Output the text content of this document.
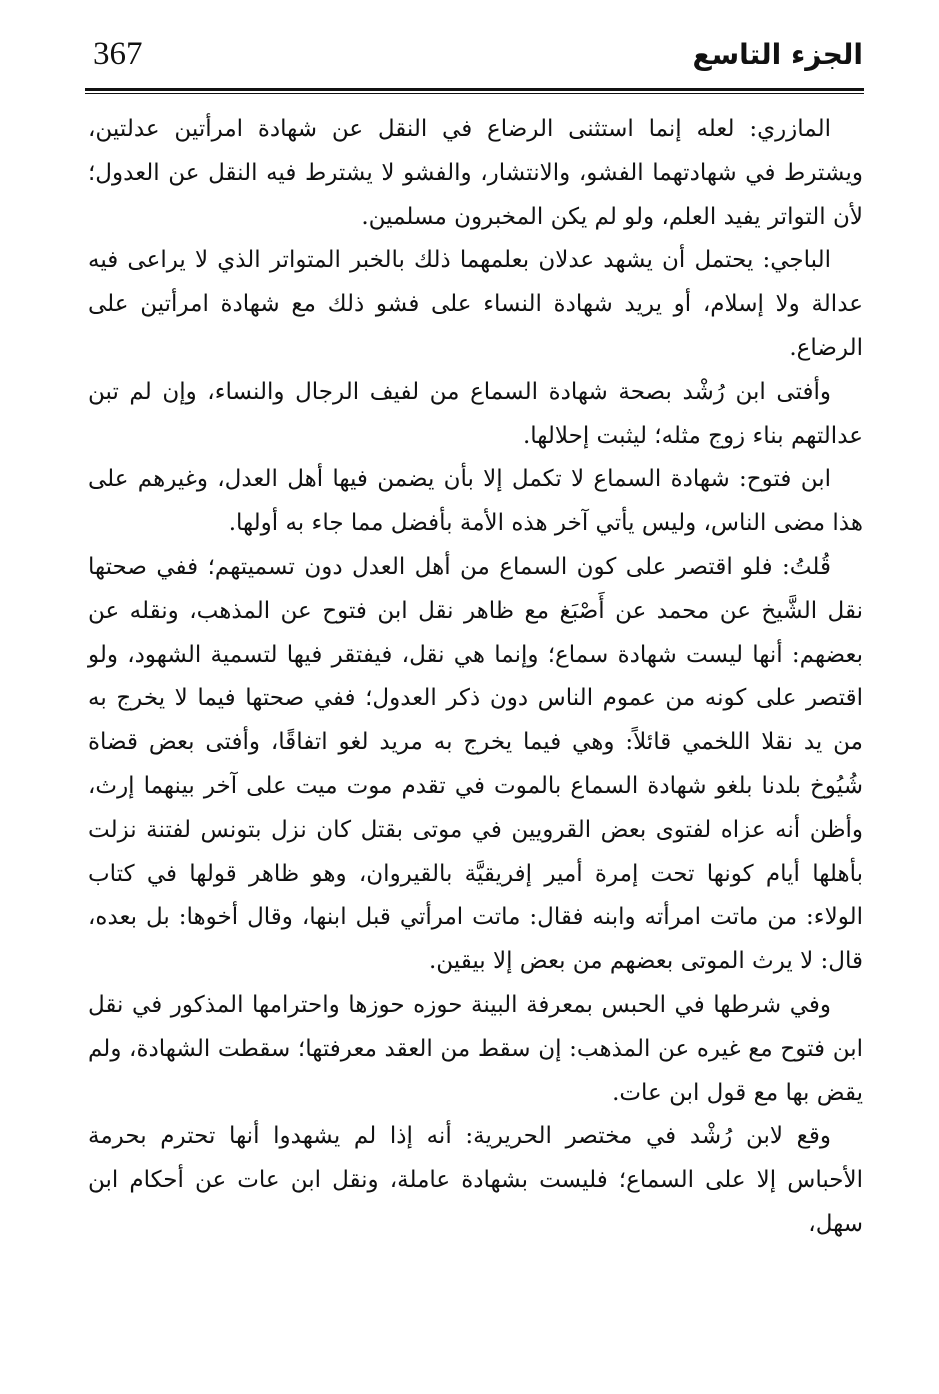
367	الجزء التاسع

المازري: لعله إنما استثنى الرضاع في النقل عن شهادة امرأتين عدلتين، ويشترط في شهادتهما الفشو، والانتشار، والفشو لا يشترط فيه النقل عن العدول؛ لأن التواتر يفيد العلم، ولو لم يكن المخبرون مسلمين.

الباجي: يحتمل أن يشهد عدلان بعلمهما ذلك بالخبر المتواتر الذي لا يراعى فيه عدالة ولا إسلام، أو يريد شهادة النساء على فشو ذلك مع شهادة امرأتين على الرضاع.

وأفتى ابن رُشْد بصحة شهادة السماع من لفيف الرجال والنساء، وإن لم تبن عدالتهم بناء زوج مثله؛ ليثبت إحلالها.

ابن فتوح: شهادة السماع لا تكمل إلا بأن يضمن فيها أهل العدل، وغيرهم على هذا مضى الناس، وليس يأتي آخر هذه الأمة بأفضل مما جاء به أولها.

قُلتُ: فلو اقتصر على كون السماع من أهل العدل دون تسميتهم؛ ففي صحتها نقل الشَّيخ عن محمد عن أَصْبَغ مع ظاهر نقل ابن فتوح عن المذهب، ونقله عن بعضهم: أنها ليست شهادة سماع؛ وإنما هي نقل، فيفتقر فيها لتسمية الشهود، ولو اقتصر على كونه من عموم الناس دون ذكر العدول؛ ففي صحتها فيما لا يخرج به من يد نقلا اللخمي قائلاً: وهي فيما يخرج به مريد لغو اتفاقًا، وأفتى بعض قضاة شُيُوخ بلدنا بلغو شهادة السماع بالموت في تقدم موت ميت على آخر بينهما إرث، وأظن أنه عزاه لفتوى بعض القرويين في موتى بقتل كان نزل بتونس لفتنة نزلت بأهلها أيام كونها تحت إمرة أمير إفريقيَّة بالقيروان، وهو ظاهر قولها في كتاب الولاء: من ماتت امرأته وابنه فقال: ماتت امرأتي قبل ابنها، وقال أخوها: بل بعده، قال: لا يرث الموتى بعضهم من بعض إلا بيقين.

وفي شرطها في الحبس بمعرفة البينة حوزه حوزها واحترامها المذكور في نقل ابن فتوح مع غيره عن المذهب: إن سقط من العقد معرفتها؛ سقطت الشهادة، ولم يقض بها مع قول ابن عات.

وقع لابن رُشْد في مختصر الحريرية: أنه إذا لم يشهدوا أنها تحترم بحرمة الأحباس إلا على السماع؛ فليست بشهادة عاملة، ونقل ابن عات عن أحكام ابن سهل،
